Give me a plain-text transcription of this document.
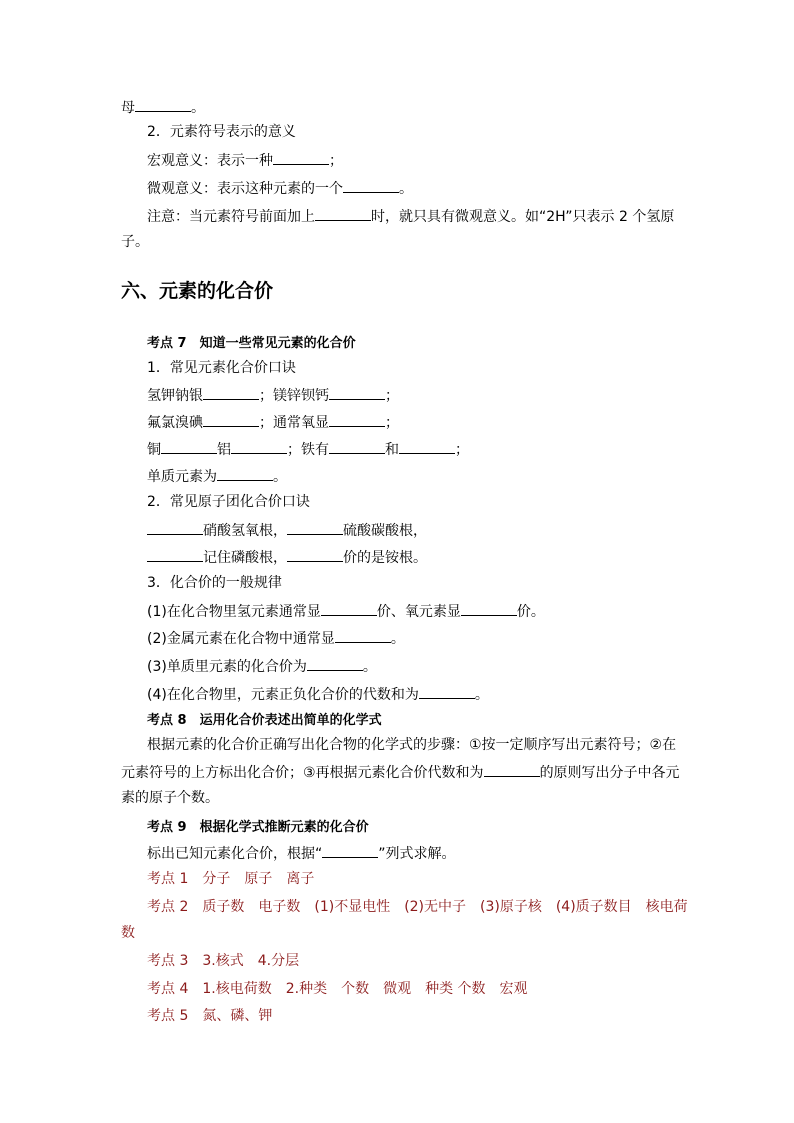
母	。
2．元素符号表示的意义
宏观意义：表示一种	；
微观意义：表示这种元素的一个	。
注意：当元素符号前面加上	时，就只具有微观意义。如“2H”只表示 2 个氢原
子。
六、元素的化合价
考点 7　知道一些常见元素的化合价
1．常见元素化合价口诀
氢钾钠银	；镁锌钡钙	；
氟氯溴碘	；通常氧显	；
铜	铝	；铁有	和	；
单质元素为	。
2．常见原子团化合价口诀
硝酸氢氧根，	硫酸碳酸根，
记住磷酸根，	价的是铵根。
3．化合价的一般规律
(1)在化合物里氢元素通常显	价、氧元素显	价。
(2)金属元素在化合物中通常显	。
(3)单质里元素的化合价为	。
(4)在化合物里，元素正负化合价的代数和为	。
考点 8　运用化合价表述出简单的化学式
根据元素的化合价正确写出化合物的化学式的步骤：①按一定顺序写出元素符号；②在
元素符号的上方标出化合价；③再根据元素化合价代数和为	的原则写出分子中各元
素的原子个数。
考点 9　根据化学式推断元素的化合价
标出已知元素化合价，根据“	”列式求解。
考点 1　分子　原子　离子
考点 2　质子数　电子数　(1)不显电性　(2)无中子　(3)原子核　(4)质子数目　核电荷
数
考点 3　3.核式　4.分层
考点 4　1.核电荷数　2.种类　个数　微观　种类 个数　宏观
考点 5　氮、磷、钾
